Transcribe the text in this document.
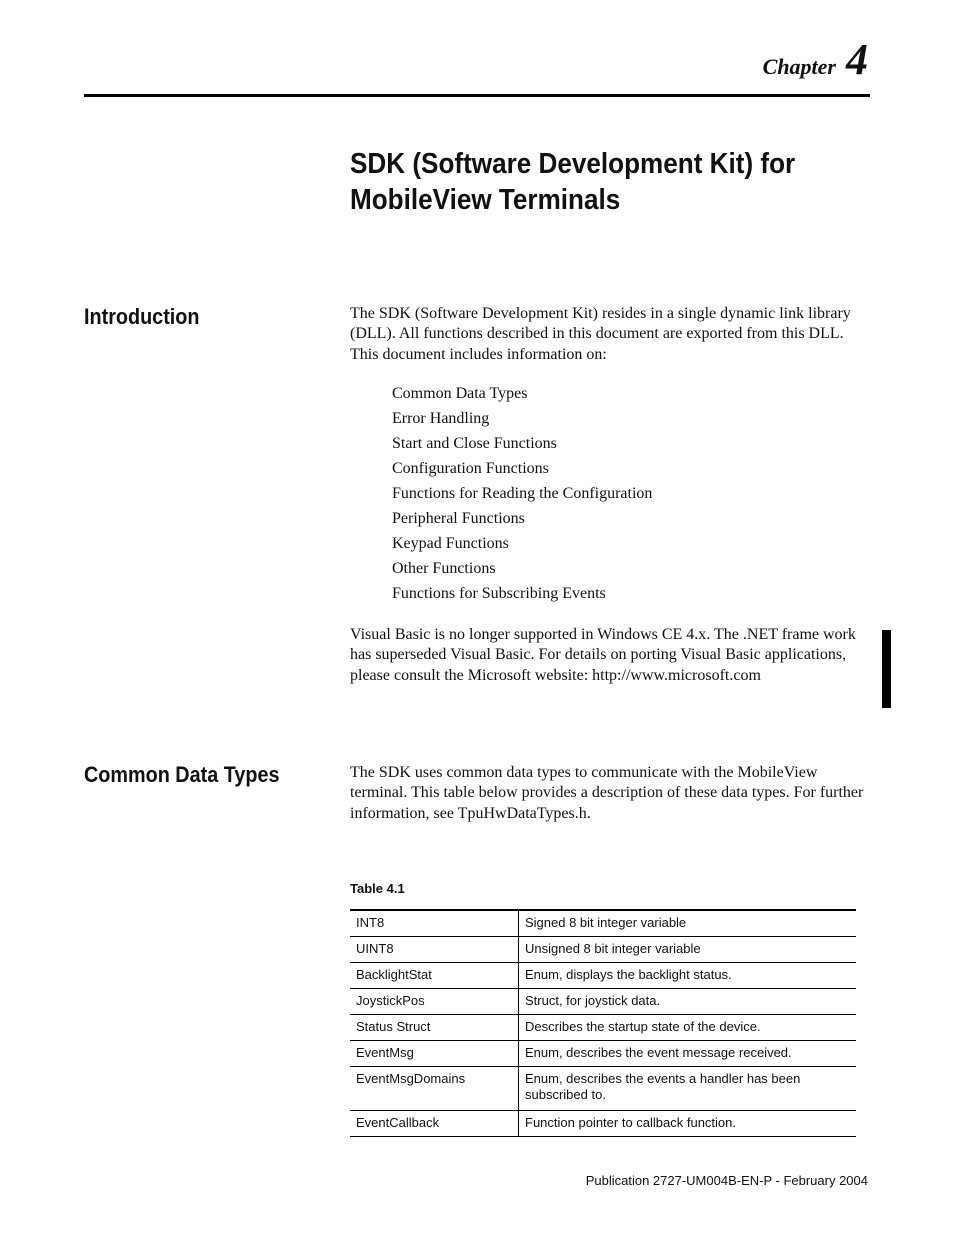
Chapter 4
SDK (Software Development Kit) for
MobileView Terminals
Introduction	The SDK (Software Development Kit) resides in a single dynamic link library (DLL). All functions described in this document are exported from this DLL. This document includes information on:

Common Data Types
Error Handling
Start and Close Functions
Configuration Functions
Functions for Reading the Configuration
Peripheral Functions
Keypad Functions
Other Functions
Functions for Subscribing Events

Visual Basic is no longer supported in Windows CE 4.x. The .NET frame work has superseded Visual Basic. For details on porting Visual Basic applications, please consult the Microsoft website: http://www.microsoft.com

Common Data Types	The SDK uses common data types to communicate with the MobileView terminal. This table below provides a description of these data types. For further information, see TpuHwDataTypes.h.

Table 4.1
INT8	Signed 8 bit integer variable
UINT8	Unsigned 8 bit integer variable
BacklightStat	Enum, displays the backlight status.
JoystickPos	Struct, for joystick data.
Status Struct	Describes the startup state of the device.
EventMsg	Enum, describes the event message received.
EventMsgDomains	Enum, describes the events a handler has been subscribed to.
EventCallback	Function pointer to callback function.
Publication 2727-UM004B-EN-P - February 2004
